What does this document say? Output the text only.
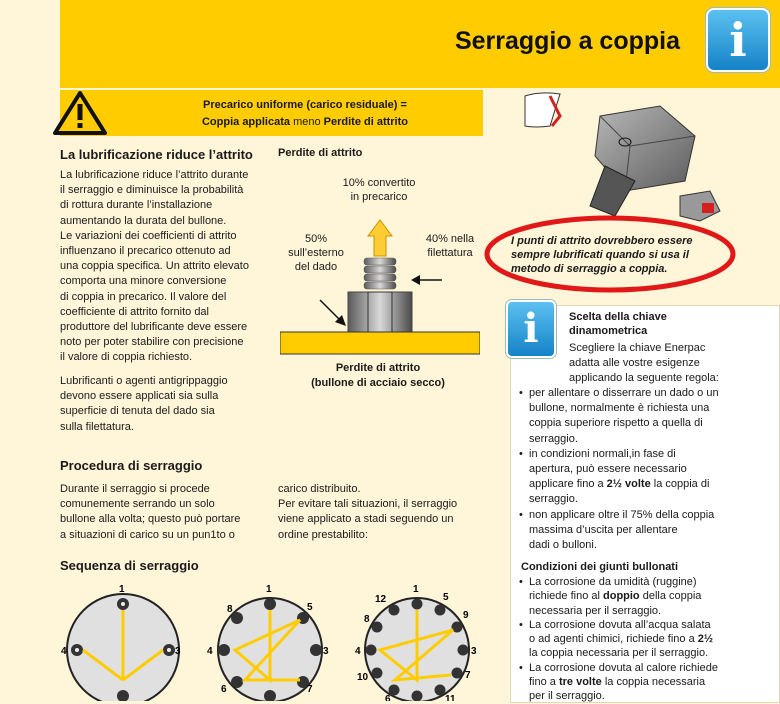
Serraggio a coppia	i
Precarico uniforme (carico residuale) =
Coppia applicata meno Perdite di attrito
La lubrificazione riduce l’attrito
La lubrificazione riduce l’attrito durante
il serraggio e diminuisce la probabilità
di rottura durante l’installazione
aumentando la durata del bullone.
Le variazioni dei coefficienti di attrito
influenzano il precarico ottenuto ad
una coppia specifica. Un attrito elevato
comporta una minore conversione
di coppia in precarico. Il valore del
coefficiente di attrito fornito dal
produttore del lubrificante deve essere
noto per poter stabilire con precisione
il valore di coppia richiesto.
Lubrificanti o agenti antigrippaggio
devono essere applicati sia sulla
superficie di tenuta del dado sia
sulla filettatura.
Perdite di attrito
10% convertito
in precarico
50%
sull’esterno
del dado
40% nella
filettatura
Perdite di attrito
(bullone di acciaio secco)
I punti di attrito dovrebbero essere
sempre lubrificati quando si usa il
metodo di serraggio a coppia.
Procedura di serraggio
Durante il serraggio si procede
comunemente serrando un solo
bullone alla volta; questo può portare
a situazioni di carico su un pun1to o
carico distribuito.
Per evitare tali situazioni, il serraggio
viene applicato a stadi seguendo un
ordine prestabilito:
Sequenza di serraggio
1
3
4
8
1
5
4	3
6	7
12
1
5
8	9
4	3
10	7
6	11
i	Scelta della chiave
dinamometrica
Scegliere la chiave Enerpac
adatta alle vostre esigenze
applicando la seguente regola:
• per allentare o disserrare un dado o un
bullone, normalmente è richiesta una
coppia superiore rispetto a quella di
serraggio.
• in condizioni normali,in fase di
apertura, può essere necessario
applicare fino a 2½ volte la coppia di
serraggio.
• non applicare oltre il 75% della coppia
massima d’uscita per allentare
dadi o bulloni.
Condizioni dei giunti bullonati
• La corrosione da umidità (ruggine)
richiede fino al doppio della coppia
necessaria per il serraggio.
• La corrosione dovuta all’acqua salata
o ad agenti chimici, richiede fino a 2½
la coppia necessaria per il serraggio.
• La corrosione dovuta al calore richiede
fino a tre volte la coppia necessaria
per il serraggio.
